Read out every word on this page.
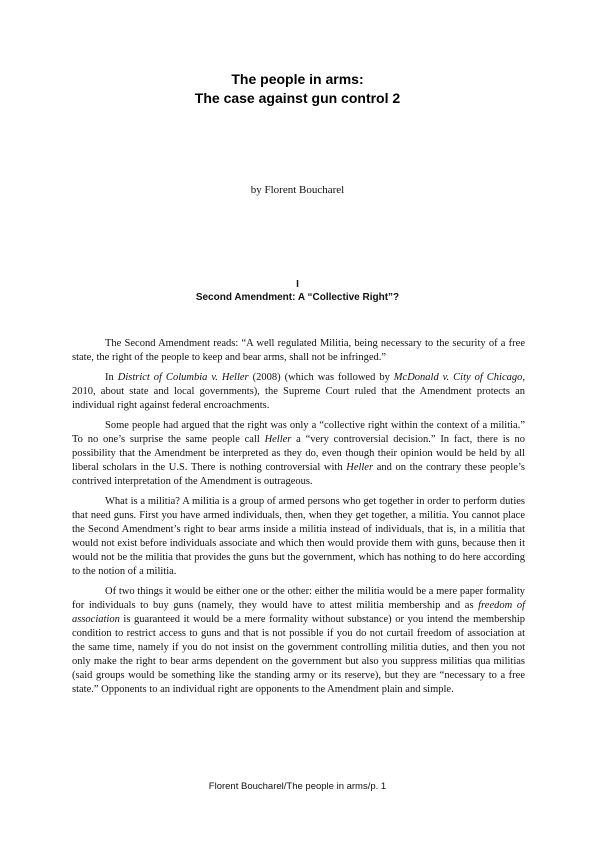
The people in arms:
The case against gun control 2
by Florent Boucharel
I
Second Amendment: A “Collective Right”?

The Second Amendment reads: “A well regulated Militia, being necessary to the security of a free state, the right of the people to keep and bear arms, shall not be infringed.”

In District of Columbia v. Heller (2008) (which was followed by McDonald v. City of Chicago, 2010, about state and local governments), the Supreme Court ruled that the Amendment protects an individual right against federal encroachments.

Some people had argued that the right was only a “collective right within the context of a militia.” To no one’s surprise the same people call Heller a “very controversial decision.” In fact, there is no possibility that the Amendment be interpreted as they do, even though their opinion would be held by all liberal scholars in the U.S. There is nothing controversial with Heller and on the contrary these people’s contrived interpretation of the Amendment is outrageous.

What is a militia? A militia is a group of armed persons who get together in order to perform duties that need guns. First you have armed individuals, then, when they get together, a militia. You cannot place the Second Amendment’s right to bear arms inside a militia instead of individuals, that is, in a militia that would not exist before individuals associate and which then would provide them with guns, because then it would not be the militia that provides the guns but the government, which has nothing to do here according to the notion of a militia.

Of two things it would be either one or the other: either the militia would be a mere paper formality for individuals to buy guns (namely, they would have to attest militia membership and as freedom of association is guaranteed it would be a mere formality without substance) or you intend the membership condition to restrict access to guns and that is not possible if you do not curtail freedom of association at the same time, namely if you do not insist on the government controlling militia duties, and then you not only make the right to bear arms dependent on the government but also you suppress militias qua militias (said groups would be something like the standing army or its reserve), but they are “necessary to a free state.” Opponents to an individual right are opponents to the Amendment plain and simple.

Florent Boucharel/The people in arms/p. 1
